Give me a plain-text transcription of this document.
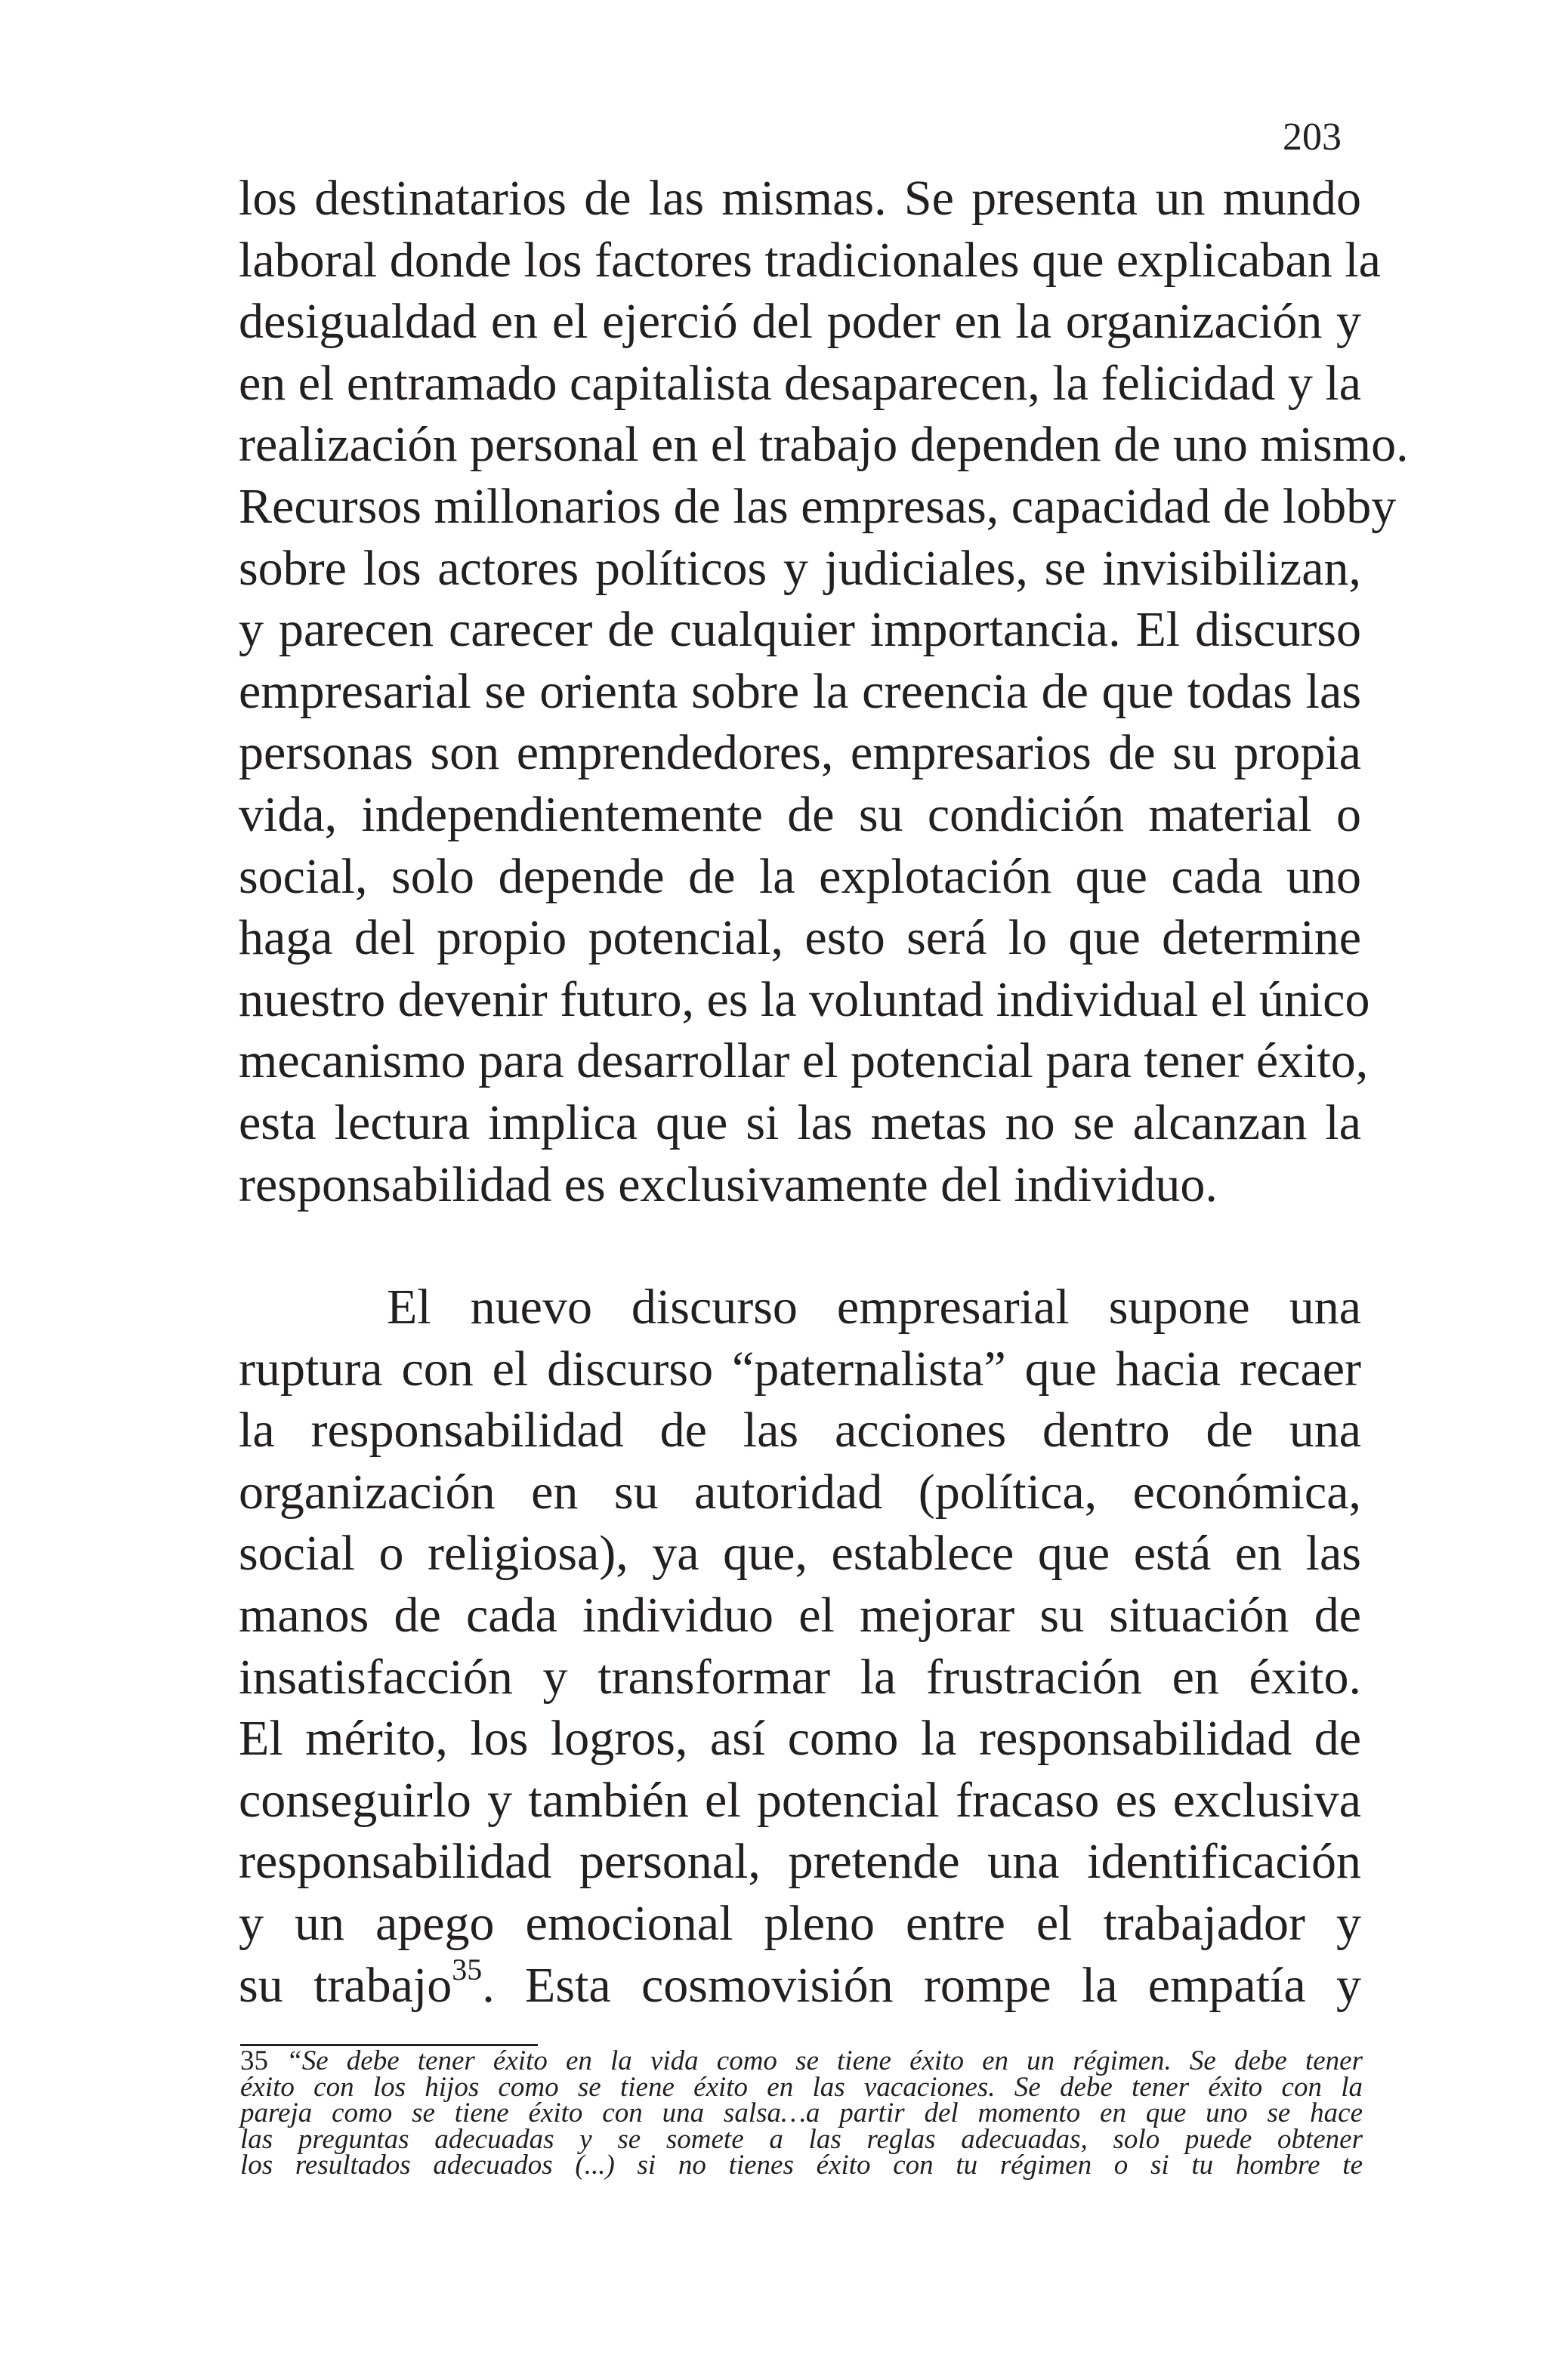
203
los destinatarios de las mismas. Se presenta un mundo
laboral donde los factores tradicionales que explicaban la
desigualdad en el ejerció del poder en la organización y
en el entramado capitalista desaparecen, la felicidad y la
realización personal en el trabajo dependen de uno mismo.
Recursos millonarios de las empresas, capacidad de lobby
sobre los actores políticos y judiciales, se invisibilizan,
y parecen carecer de cualquier importancia. El discurso
empresarial se orienta sobre la creencia de que todas las
personas son emprendedores, empresarios de su propia
vida, independientemente de su condición material o
social, solo depende de la explotación que cada uno
haga del propio potencial, esto será lo que determine
nuestro devenir futuro, es la voluntad individual el único
mecanismo para desarrollar el potencial para tener éxito,
esta lectura implica que si las metas no se alcanzan la
responsabilidad es exclusivamente del individuo.
El nuevo discurso empresarial supone una
ruptura con el discurso “paternalista” que hacia recaer
la responsabilidad de las acciones dentro de una
organización en su autoridad (política, económica,
social o religiosa), ya que, establece que está en las
manos de cada individuo el mejorar su situación de
insatisfacción y transformar la frustración en éxito.
El mérito, los logros, así como la responsabilidad de
conseguirlo y también el potencial fracaso es exclusiva
responsabilidad personal, pretende una identificación
y un apego emocional pleno entre el trabajador y
su trabajo$^{35}$. Esta cosmovisión rompe la empatía y
35 “Se debe tener éxito en la vida como se tiene éxito en un régimen. Se debe tener
éxito con los hijos como se tiene éxito en las vacaciones. Se debe tener éxito con la
pareja como se tiene éxito con una salsa…a partir del momento en que uno se hace
las preguntas adecuadas y se somete a las reglas adecuadas, solo puede obtener
los resultados adecuados (...) si no tienes éxito con tu régimen o si tu hombre te
